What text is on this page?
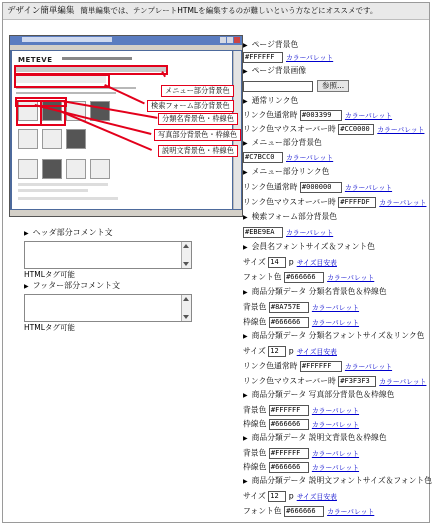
デザイン簡単編集 簡単編集では、テンプレートHTMLを編集するのが難しいという方などにオススメです。
METEVE
メニュー部分背景色
検索フォーム部分背景色
分類名背景色・枠線色
写真部分背景色・枠線色
説明文背景色・枠線色
▶ ヘッダ部分コメント文
HTMLタグ可能
▶ フッター部分コメント文
HTMLタグ可能
▶ ページ背景色
#FFFFFF カラーパレット
▶ ページ背景画像
参照...
▶ 通常リンク色
リンク色通常時 #003399 カラーパレット
リンク色マウスオーバー時 #CC0000 カラーパレット
▶ メニュー部分背景色
#C7BCC0 カラーパレット
▶ メニュー部分リンク色
リンク色通常時 #000000 カラーパレット
リンク色マウスオーバー時 #FFFFDF カラーパレット
▶ 検索フォーム部分背景色
#EBE9EA カラーパレット
▶ 会員名フォントサイズ＆フォント色
サイズ 14 p サイズ目安表
フォント色 #666666 カラーパレット
▶ 商品分類データ 分類名背景色＆枠線色
背景色 #8A757E カラーパレット
枠線色 #666666 カラーパレット
▶ 商品分類データ 分類名フォントサイズ＆リンク色
サイズ 12 p サイズ目安表
リンク色通常時 #FFFFFF カラーパレット
リンク色マウスオーバー時 #F3F3F3 カラーパレット
▶ 商品分類データ 写真部分背景色＆枠線色
背景色 #FFFFFF カラーパレット
枠線色 #666666 カラーパレット
▶ 商品分類データ 説明文背景色＆枠線色
背景色 #FFFFFF カラーパレット
枠線色 #666666 カラーパレット
▶ 商品分類データ 説明文フォントサイズ＆フォント色
サイズ 12 p サイズ目安表
フォント色 #666666 カラーパレット
